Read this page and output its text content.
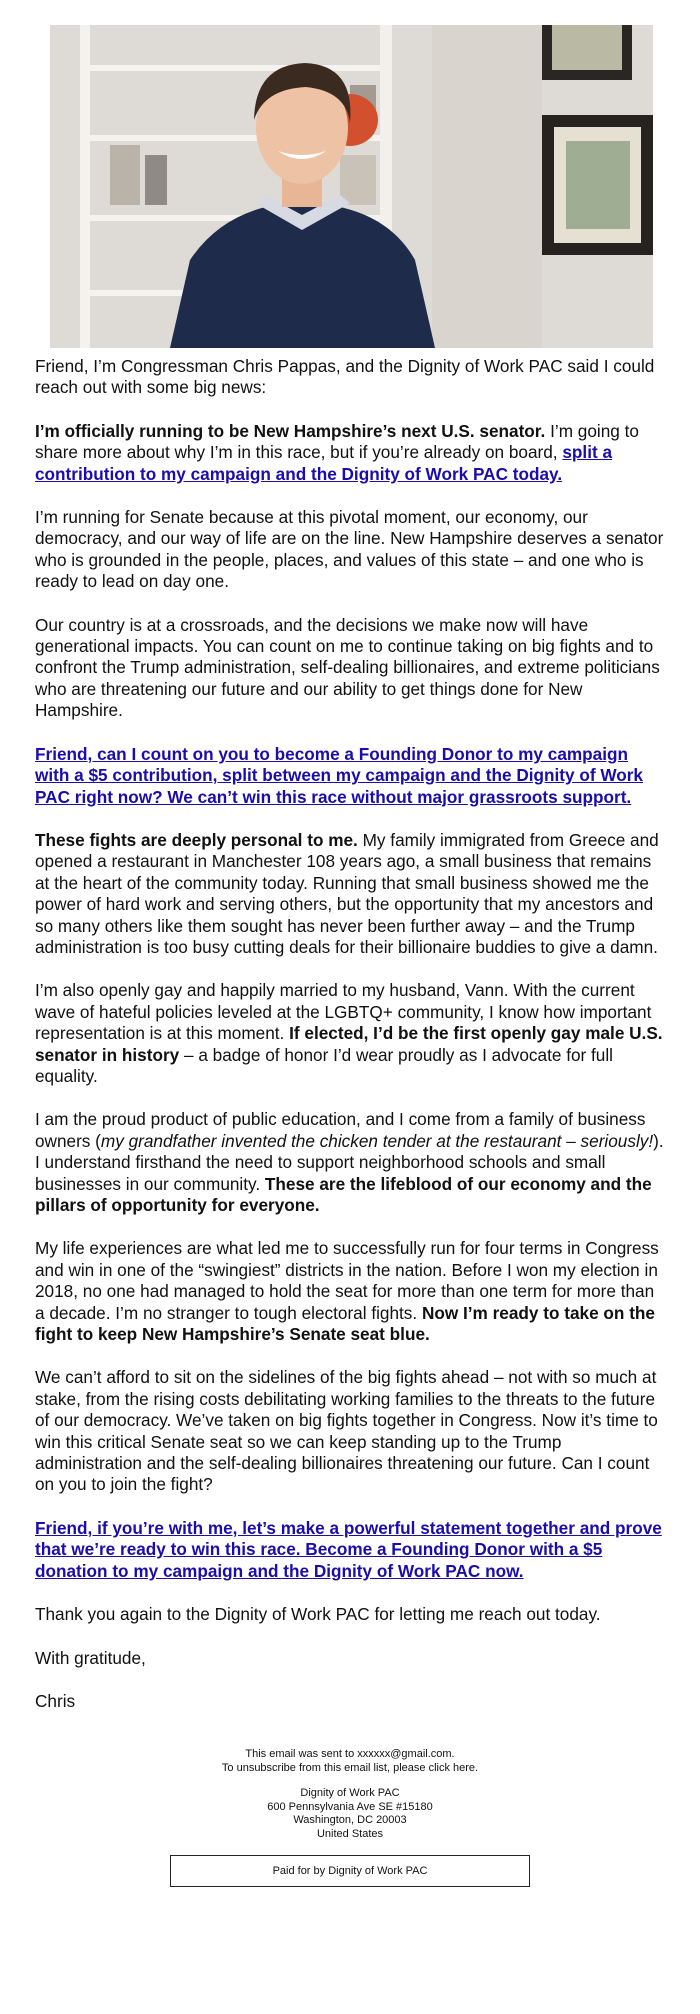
Friend, I’m Congressman Chris Pappas, and the Dignity of Work PAC said I could reach out with some big news:

I’m officially running to be New Hampshire’s next U.S. senator. I’m going to share more about why I’m in this race, but if you’re already on board, split a contribution to my campaign and the Dignity of Work PAC today.

I’m running for Senate because at this pivotal moment, our economy, our democracy, and our way of life are on the line. New Hampshire deserves a senator who is grounded in the people, places, and values of this state – and one who is ready to lead on day one.

Our country is at a crossroads, and the decisions we make now will have generational impacts. You can count on me to continue taking on big fights and to confront the Trump administration, self-dealing billionaires, and extreme politicians who are threatening our future and our ability to get things done for New Hampshire.

Friend, can I count on you to become a Founding Donor to my campaign with a $5 contribution, split between my campaign and the Dignity of Work PAC right now? We can’t win this race without major grassroots support.

These fights are deeply personal to me. My family immigrated from Greece and opened a restaurant in Manchester 108 years ago, a small business that remains at the heart of the community today. Running that small business showed me the power of hard work and serving others, but the opportunity that my ancestors and so many others like them sought has never been further away – and the Trump administration is too busy cutting deals for their billionaire buddies to give a damn.

I’m also openly gay and happily married to my husband, Vann. With the current wave of hateful policies leveled at the LGBTQ+ community, I know how important representation is at this moment. If elected, I’d be the first openly gay male U.S. senator in history – a badge of honor I’d wear proudly as I advocate for full equality.

I am the proud product of public education, and I come from a family of business owners (my grandfather invented the chicken tender at the restaurant – seriously!). I understand firsthand the need to support neighborhood schools and small businesses in our community. These are the lifeblood of our economy and the pillars of opportunity for everyone.

My life experiences are what led me to successfully run for four terms in Congress and win in one of the “swingiest” districts in the nation. Before I won my election in 2018, no one had managed to hold the seat for more than one term for more than a decade. I’m no stranger to tough electoral fights. Now I’m ready to take on the fight to keep New Hampshire’s Senate seat blue.

We can’t afford to sit on the sidelines of the big fights ahead – not with so much at stake, from the rising costs debilitating working families to the threats to the future of our democracy. We’ve taken on big fights together in Congress. Now it’s time to win this critical Senate seat so we can keep standing up to the Trump administration and the self-dealing billionaires threatening our future. Can I count on you to join the fight?

Friend, if you’re with me, let’s make a powerful statement together and prove that we’re ready to win this race. Become a Founding Donor with a $5 donation to my campaign and the Dignity of Work PAC now.

Thank you again to the Dignity of Work PAC for letting me reach out today.

With gratitude,

Chris

This email was sent to xxxxxx@gmail.com.
To unsubscribe from this email list, please click here.
Dignity of Work PAC
600 Pennsylvania Ave SE #15180
Washington, DC 20003
United States
Paid for by Dignity of Work PAC
